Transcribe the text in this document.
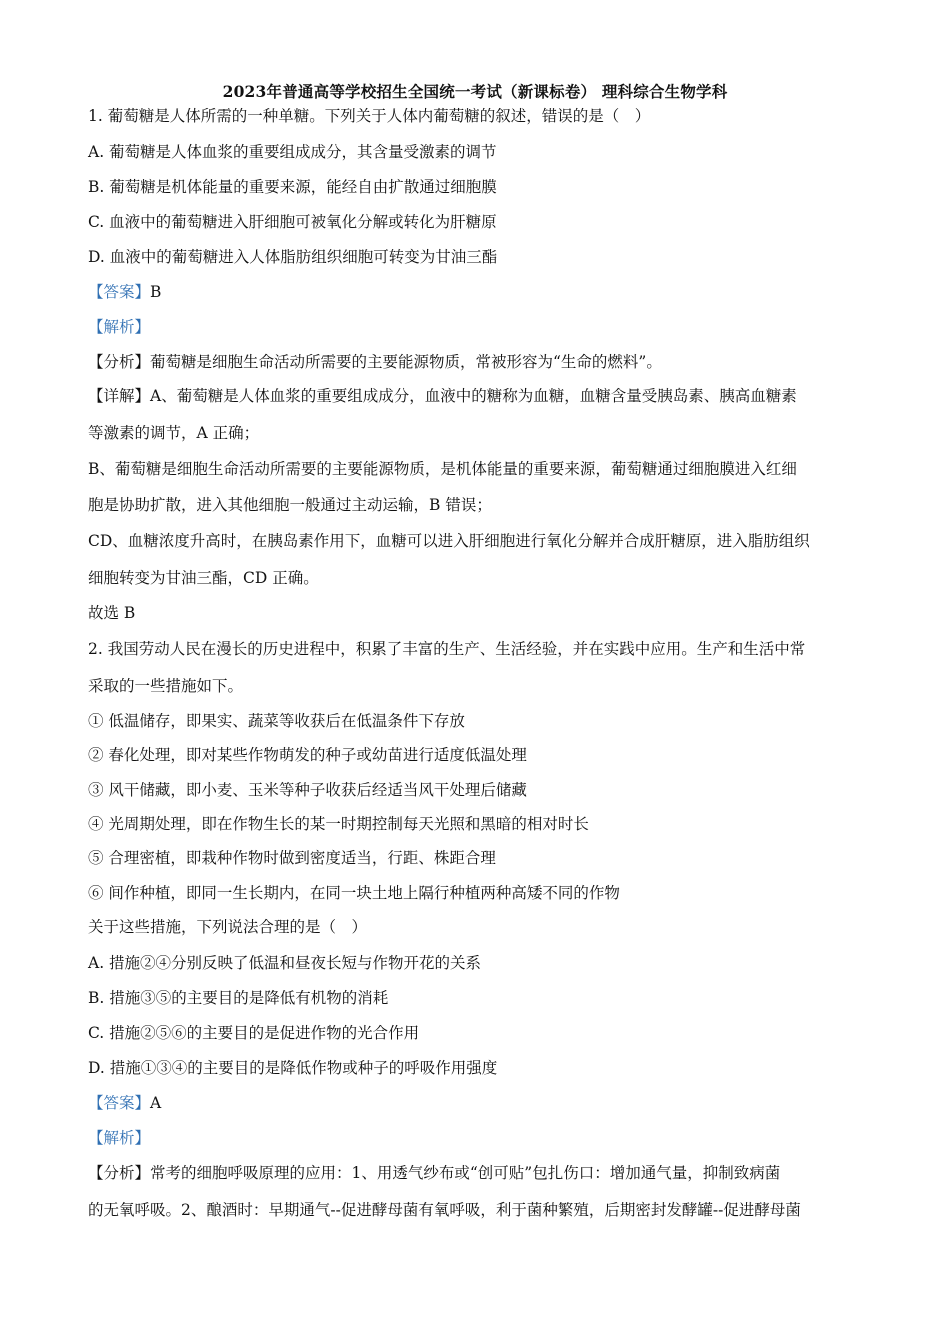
2023年普通高等学校招生全国统一考试（新课标卷） 理科综合生物学科
1. 葡萄糖是人体所需的一种单糖。下列关于人体内葡萄糖的叙述，错误的是（　）
A. 葡萄糖是人体血浆的重要组成成分，其含量受激素的调节
B. 葡萄糖是机体能量的重要来源，能经自由扩散通过细胞膜
C. 血液中的葡萄糖进入肝细胞可被氧化分解或转化为肝糖原
D. 血液中的葡萄糖进入人体脂肪组织细胞可转变为甘油三酯
【答案】B
【解析】
【分析】葡萄糖是细胞生命活动所需要的主要能源物质，常被形容为“生命的燃料”。
【详解】A、葡萄糖是人体血浆的重要组成成分，血液中的糖称为血糖，血糖含量受胰岛素、胰高血糖素
等激素的调节，A 正确；
B、葡萄糖是细胞生命活动所需要的主要能源物质，是机体能量的重要来源，葡萄糖通过细胞膜进入红细
胞是协助扩散，进入其他细胞一般通过主动运输，B 错误；
CD、血糖浓度升高时，在胰岛素作用下，血糖可以进入肝细胞进行氧化分解并合成肝糖原，进入脂肪组织
细胞转变为甘油三酯，CD 正确。
故选 B
2. 我国劳动人民在漫长的历史进程中，积累了丰富的生产、生活经验，并在实践中应用。生产和生活中常
采取的一些措施如下。
① 低温储存，即果实、蔬菜等收获后在低温条件下存放
② 春化处理，即对某些作物萌发的种子或幼苗进行适度低温处理
③ 风干储藏，即小麦、玉米等种子收获后经适当风干处理后储藏
④ 光周期处理，即在作物生长的某一时期控制每天光照和黑暗的相对时长
⑤ 合理密植，即栽种作物时做到密度适当，行距、株距合理
⑥ 间作种植，即同一生长期内，在同一块土地上隔行种植两种高矮不同的作物
关于这些措施，下列说法合理的是（　）
A. 措施②④分别反映了低温和昼夜长短与作物开花的关系
B. 措施③⑤的主要目的是降低有机物的消耗
C. 措施②⑤⑥的主要目的是促进作物的光合作用
D. 措施①③④的主要目的是降低作物或种子的呼吸作用强度
【答案】A
【解析】
【分析】常考的细胞呼吸原理的应用：1、用透气纱布或“创可贴”包扎伤口：增加通气量，抑制致病菌
的无氧呼吸。2、酿酒时：早期通气--促进酵母菌有氧呼吸，利于菌种繁殖，后期密封发酵罐--促进酵母菌
